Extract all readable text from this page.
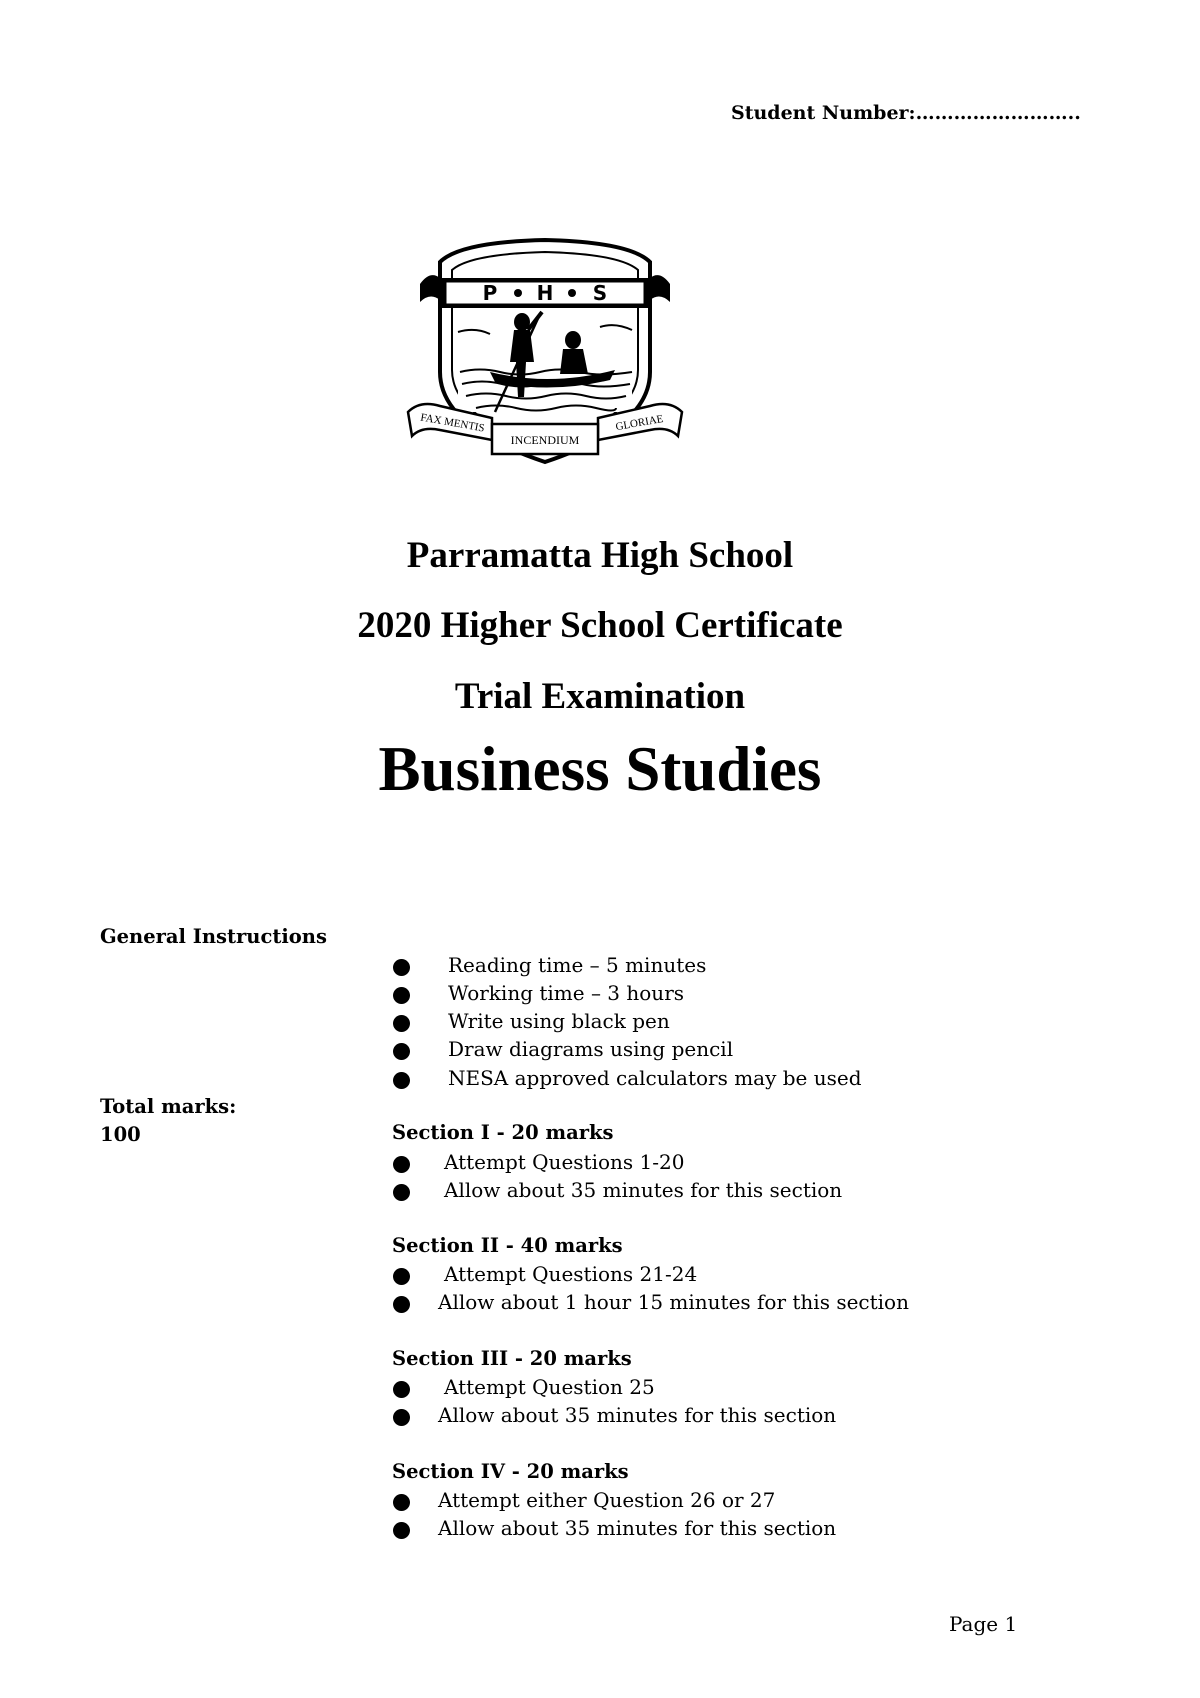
Student Number:……………………..
P H S
FAX MENTIS
INCENDIUM
GLORIAE
Parramatta High School
2020 Higher School Certificate
Trial Examination
Business Studies
General Instructions
Total marks:
100
Reading time – 5 minutes
Working time – 3 hours
Write using black pen
Draw diagrams using pencil
NESA approved calculators may be used
Section I - 20 marks
Attempt Questions 1-20
Allow about 35 minutes for this section
Section II - 40 marks
Attempt Questions 21-24
Allow about 1 hour 15 minutes for this section
Section III - 20 marks
Attempt Question 25
Allow about 35 minutes for this section
Section IV - 20 marks
Attempt either Question 26 or 27
Allow about 35 minutes for this section
Page 1
